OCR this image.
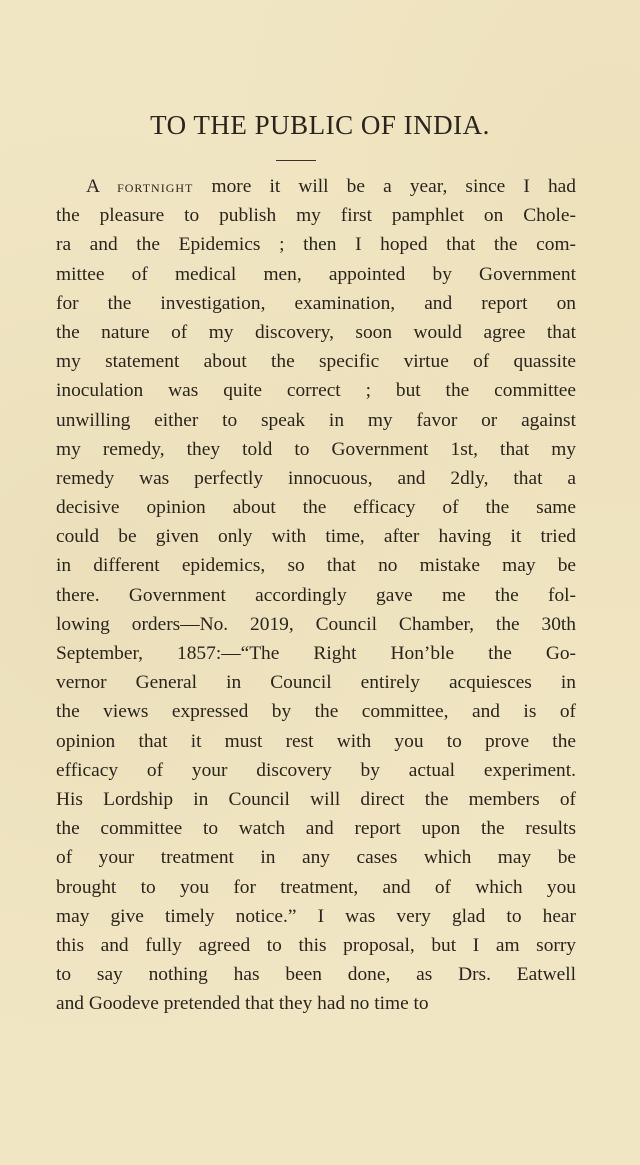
TO THE PUBLIC OF INDIA.
A fortnight more it will be a year, since I had
the pleasure to publish my first pamphlet on Chole-
ra and the Epidemics ; then I hoped that the com-
mittee of medical men, appointed by Government
for the investigation, examination, and report on
the nature of my discovery, soon would agree that
my statement about the specific virtue of quassite
inoculation was quite correct ; but the committee
unwilling either to speak in my favor or against
my remedy, they told to Government 1st, that my
remedy was perfectly innocuous, and 2dly, that a
decisive opinion about the efficacy of the same
could be given only with time, after having it tried
in different epidemics, so that no mistake may be
there. Government accordingly gave me the fol-
lowing orders—No. 2019, Council Chamber, the 30th
September, 1857:—“The Right Hon’ble the Go-
vernor General in Council entirely acquiesces in
the views expressed by the committee, and is of
opinion that it must rest with you to prove the
efficacy of your discovery by actual experiment.
His Lordship in Council will direct the members of
the committee to watch and report upon the results
of your treatment in any cases which may be
brought to you for treatment, and of which you
may give timely notice.” I was very glad to hear
this and fully agreed to this proposal, but I am sorry
to say nothing has been done, as Drs. Eatwell
and Goodeve pretended that they had no time to
